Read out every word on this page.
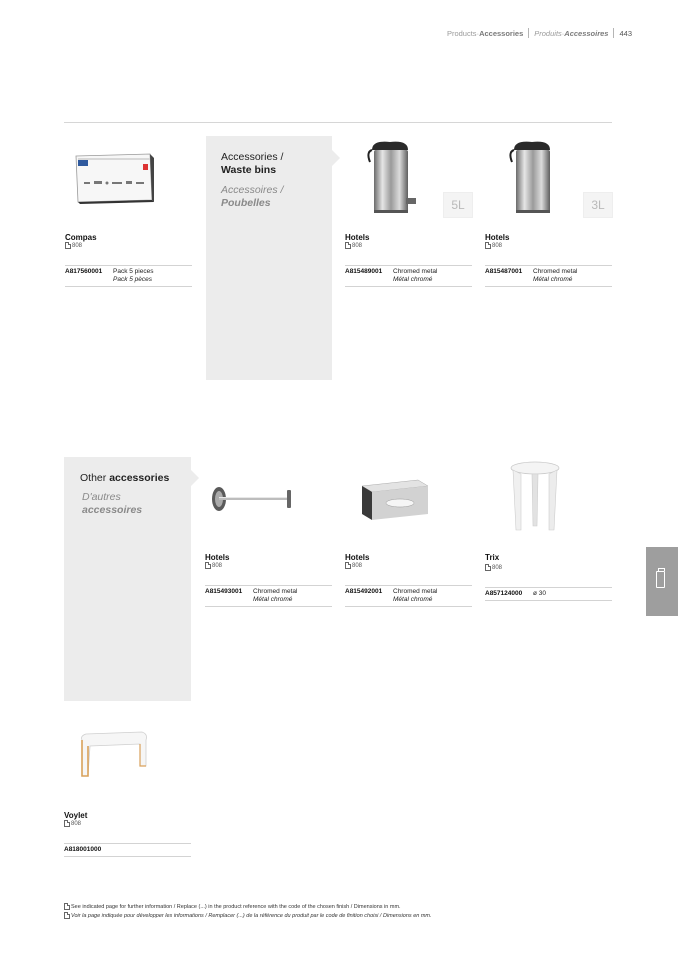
Products · Accessories Produits · Accessoires 443
Compas
808
A817560001	Pack 5 pieces
Pack 5 pèces
Accessories /
Waste bins
Accessoires /
Poubelles	5L
Hotels
808
A815489001	Chromed metal
Métal chromé
3L
Hotels
808
A815487001	Chromed metal
Métal chromé
Other accessories
D'autres
accessoires
Hotels
808
A815493001	Chromed metal
Métal chromé
Hotels
808
A815492001	Chromed metal
Métal chromé
Trix
808
A857124000	ø 30
Voylet
808
A818001000
See indicated page for further information / Replace (...) in the product reference with the code of the chosen finish / Dimensions in mm.
Voir la page indiquée pour développer les informations / Remplacer (...) de la référence du produit par le code de finition choisi / Dimensions en mm.
